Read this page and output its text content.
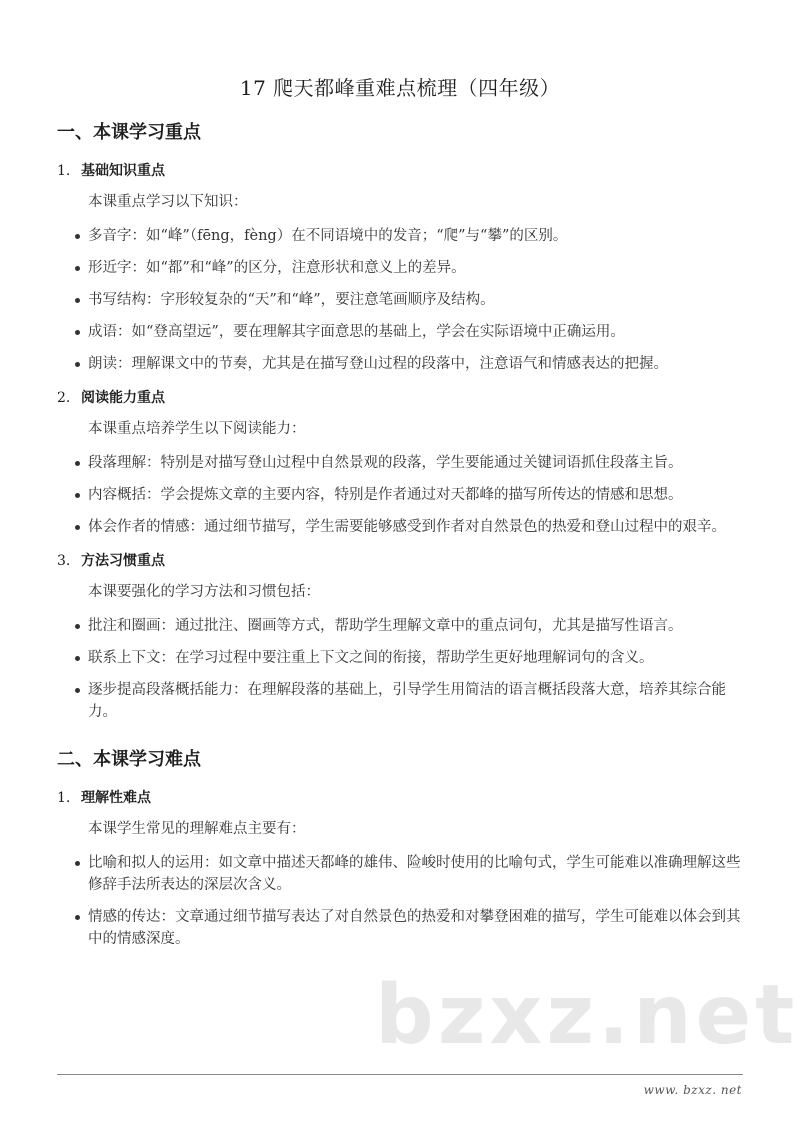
17 爬天都峰重难点梳理（四年级）
bzxz.net
一、本课学习重点
1. 基础知识重点
本课重点学习以下知识：
多音字：如“峰”（fēng，fèng）在不同语境中的发音；“爬”与“攀”的区别。
形近字：如“都”和“峰”的区分，注意形状和意义上的差异。
书写结构：字形较复杂的“天”和“峰”，要注意笔画顺序及结构。
成语：如“登高望远”，要在理解其字面意思的基础上，学会在实际语境中正确运用。
朗读：理解课文中的节奏，尤其是在描写登山过程的段落中，注意语气和情感表达的把握。
2. 阅读能力重点
本课重点培养学生以下阅读能力：
段落理解：特别是对描写登山过程中自然景观的段落，学生要能通过关键词语抓住段落主旨。
内容概括：学会提炼文章的主要内容，特别是作者通过对天都峰的描写所传达的情感和思想。
体会作者的情感：通过细节描写，学生需要能够感受到作者对自然景色的热爱和登山过程中的艰辛。
3. 方法习惯重点
本课要强化的学习方法和习惯包括：
批注和圈画：通过批注、圈画等方式，帮助学生理解文章中的重点词句，尤其是描写性语言。
联系上下文：在学习过程中要注重上下文之间的衔接，帮助学生更好地理解词句的含义。
逐步提高段落概括能力：在理解段落的基础上，引导学生用简洁的语言概括段落大意，培养其综合能力。
二、本课学习难点
1. 理解性难点
本课学生常见的理解难点主要有：
比喻和拟人的运用：如文章中描述天都峰的雄伟、险峻时使用的比喻句式，学生可能难以准确理解这些修辞手法所表达的深层次含义。
情感的传达：文章通过细节描写表达了对自然景色的热爱和对攀登困难的描写，学生可能难以体会到其中的情感深度。
www. bzxz. net
